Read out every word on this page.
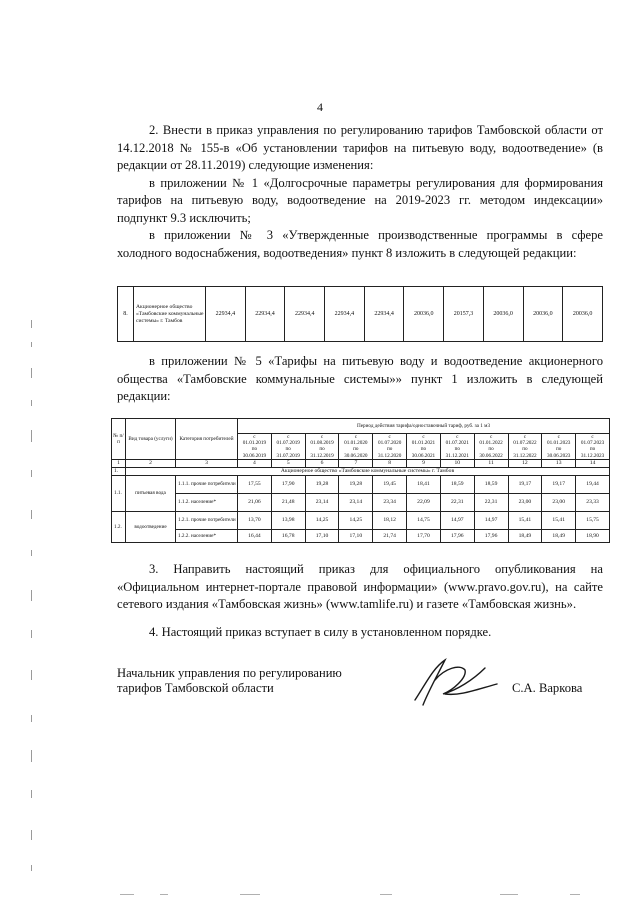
4
2. Внести в приказ управления по регулированию тарифов Тамбовской области от 14.12.2018 № 155-в «Об установлении тарифов на питьевую воду, водоотведение» (в редакции от 28.11.2019) следующие изменения:
в приложении № 1 «Долгосрочные параметры регулирования для формирования тарифов на питьевую воду, водоотведение на 2019-2023 гг. методом индексации» подпункт 9.3 исключить;
в приложении № 3 «Утвержденные производственные программы в сфере холодного водоснабжения, водоотведения» пункт 8 изложить в следующей редакции:
8.	Акционерное общество «Тамбовские коммунальные системы» г. Тамбов	22934,4	22934,4	22934,4	22934,4	22934,4	20036,0	20157,3	20036,0	20036,0	20036,0
в приложении № 5 «Тарифы на питьевую воду и водоотведение акционерного общества «Тамбовские коммунальные системы»» пункт 1 изложить в следующей редакции:
№ п/п	Вид товара (услуги)	Категория потребителей	Период действия тарифа/одноставочный тариф, руб. за 1 м3										
			с
01.01.2019
по
30.06.2019	с
01.07.2019
по
31.07.2019	с
01.08.2019
по
31.12.2019	с
01.01.2020
по
30.06.2020	с
01.07.2020
по
31.12.2020	с
01.01.2021
по
30.06.2021	с
01.07.2021
по
31.12.2021	с
01.01.2022
по
30.06.2022	с
01.07.2022
по
31.12.2022	с
01.01.2023
по
30.06.2023	с
01.07.2023
по
31.12.2023
1	2	3	4	5	6	7	8	9	10	11	12	13	14
1.	Акционерное общество «Тамбовские коммунальные системы» г. Тамбов												
1.1.	питьевая вода	1.1.1. прочие потребители	17,55	17,90	19,28	19,28	19,45	18,41	18,59	18,59	19,17	19,17	19,44
		1.1.2. население*	21,06	21,48	23,14	23,14	23,34	22,09	22,31	22,31	23,00	23,00	23,33
1.2.	водоотведение	1.2.1. прочие потребители	13,70	13,98	14,25	14,25	18,12	14,75	14,97	14,97	15,41	15,41	15,75
		1.2.2. население*	16,44	16,78	17,10	17,10	21,74	17,70	17,96	17,96	18,49	18,49	18,90
3. Направить настоящий приказ для официального опубликования на «Официальном интернет-портале правовой информации» (www.pravo.gov.ru), на сайте сетевого издания «Тамбовская жизнь» (www.tamlife.ru) и газете «Тамбовская жизнь».
4. Настоящий приказ вступает в силу в установленном порядке.
Начальник управления по регулированию
тарифов Тамбовской области	С.А. Варкова
